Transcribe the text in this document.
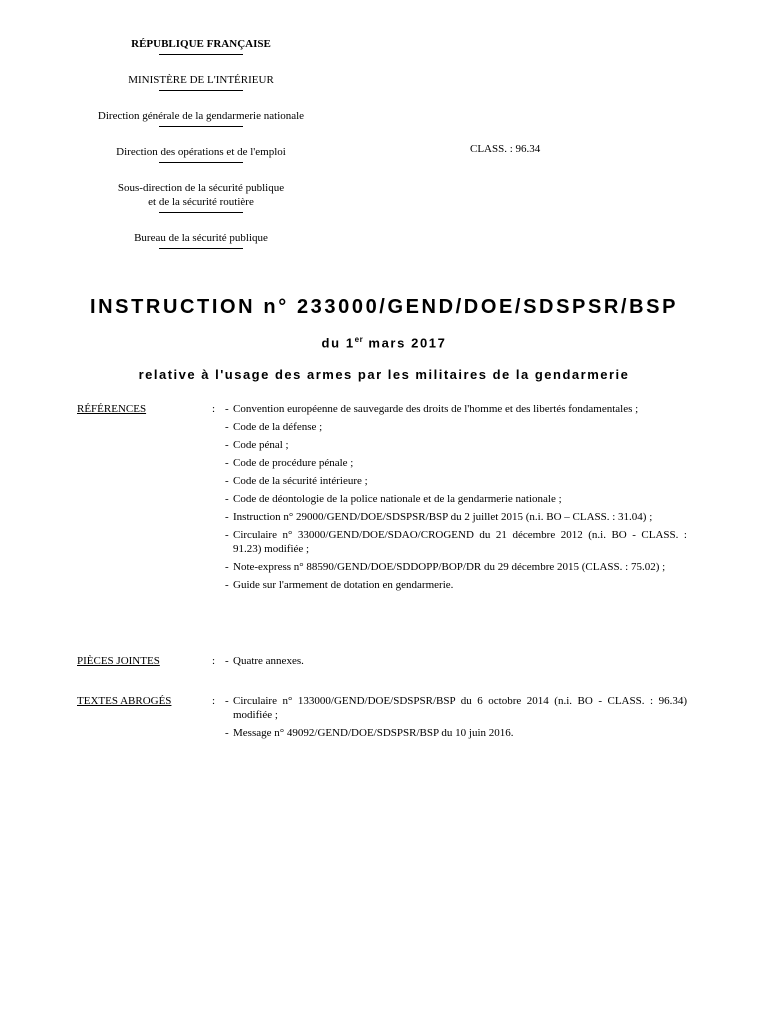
RÉPUBLIQUE FRANÇAISE
MINISTÈRE DE L'INTÉRIEUR
Direction générale de la gendarmerie nationale
Direction des opérations et de l'emploi
Sous-direction de la sécurité publique
et de la sécurité routière
Bureau de la sécurité publique
CLASS. : 96.34
INSTRUCTION n° 233000/GEND/DOE/SDSPSR/BSP
du 1er mars 2017
relative à l'usage des armes par les militaires de la gendarmerie
RÉFÉRENCES	: - Convention européenne de sauvegarde des droits de l'homme et des libertés fondamentales ;
- Code de la défense ;
- Code pénal ;
- Code de procédure pénale ;
- Code de la sécurité intérieure ;
- Code de déontologie de la police nationale et de la gendarmerie nationale ;
- Instruction n° 29000/GEND/DOE/SDSPSR/BSP du 2 juillet 2015 (n.i. BO – CLASS. : 31.04) ;
- Circulaire n° 33000/GEND/DOE/SDAO/CROGEND du 21 décembre 2012 (n.i. BO - CLASS. : 91.23) modifiée ;
- Note-express n° 88590/GEND/DOE/SDDOPP/BOP/DR du 29 décembre 2015 (CLASS. : 75.02) ;
- Guide sur l'armement de dotation en gendarmerie.
PIÈCES JOINTES	: - Quatre annexes.
TEXTES ABROGÉS	: - Circulaire n° 133000/GEND/DOE/SDSPSR/BSP du 6 octobre 2014 (n.i. BO - CLASS. : 96.34) modifiée ;
- Message n° 49092/GEND/DOE/SDSPSR/BSP du 10 juin 2016.
